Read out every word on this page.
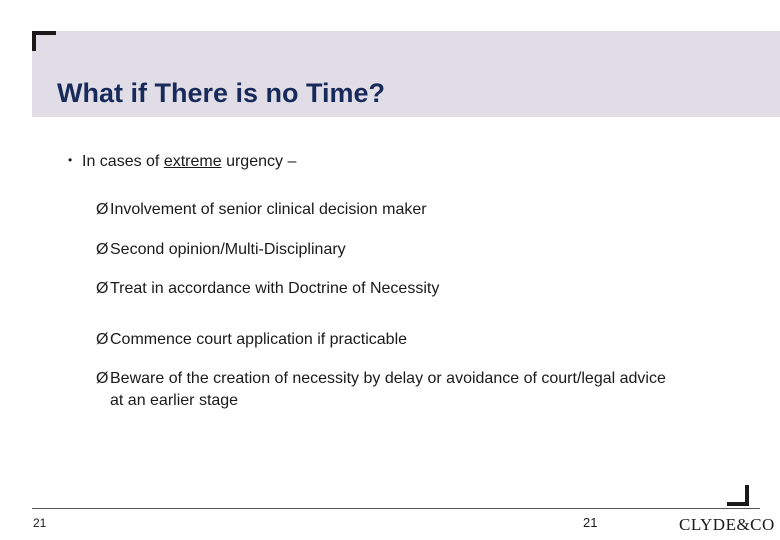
What if There is no Time?
• In cases of extreme urgency –
ØInvolvement of senior clinical decision maker
ØSecond opinion/Multi-Disciplinary
ØTreat in accordance with Doctrine of Necessity
ØCommence court application if practicable
ØBeware of the creation of necessity by delay or avoidance of court/legal advice
at an earlier stage
21	21	CLYDE&CO
